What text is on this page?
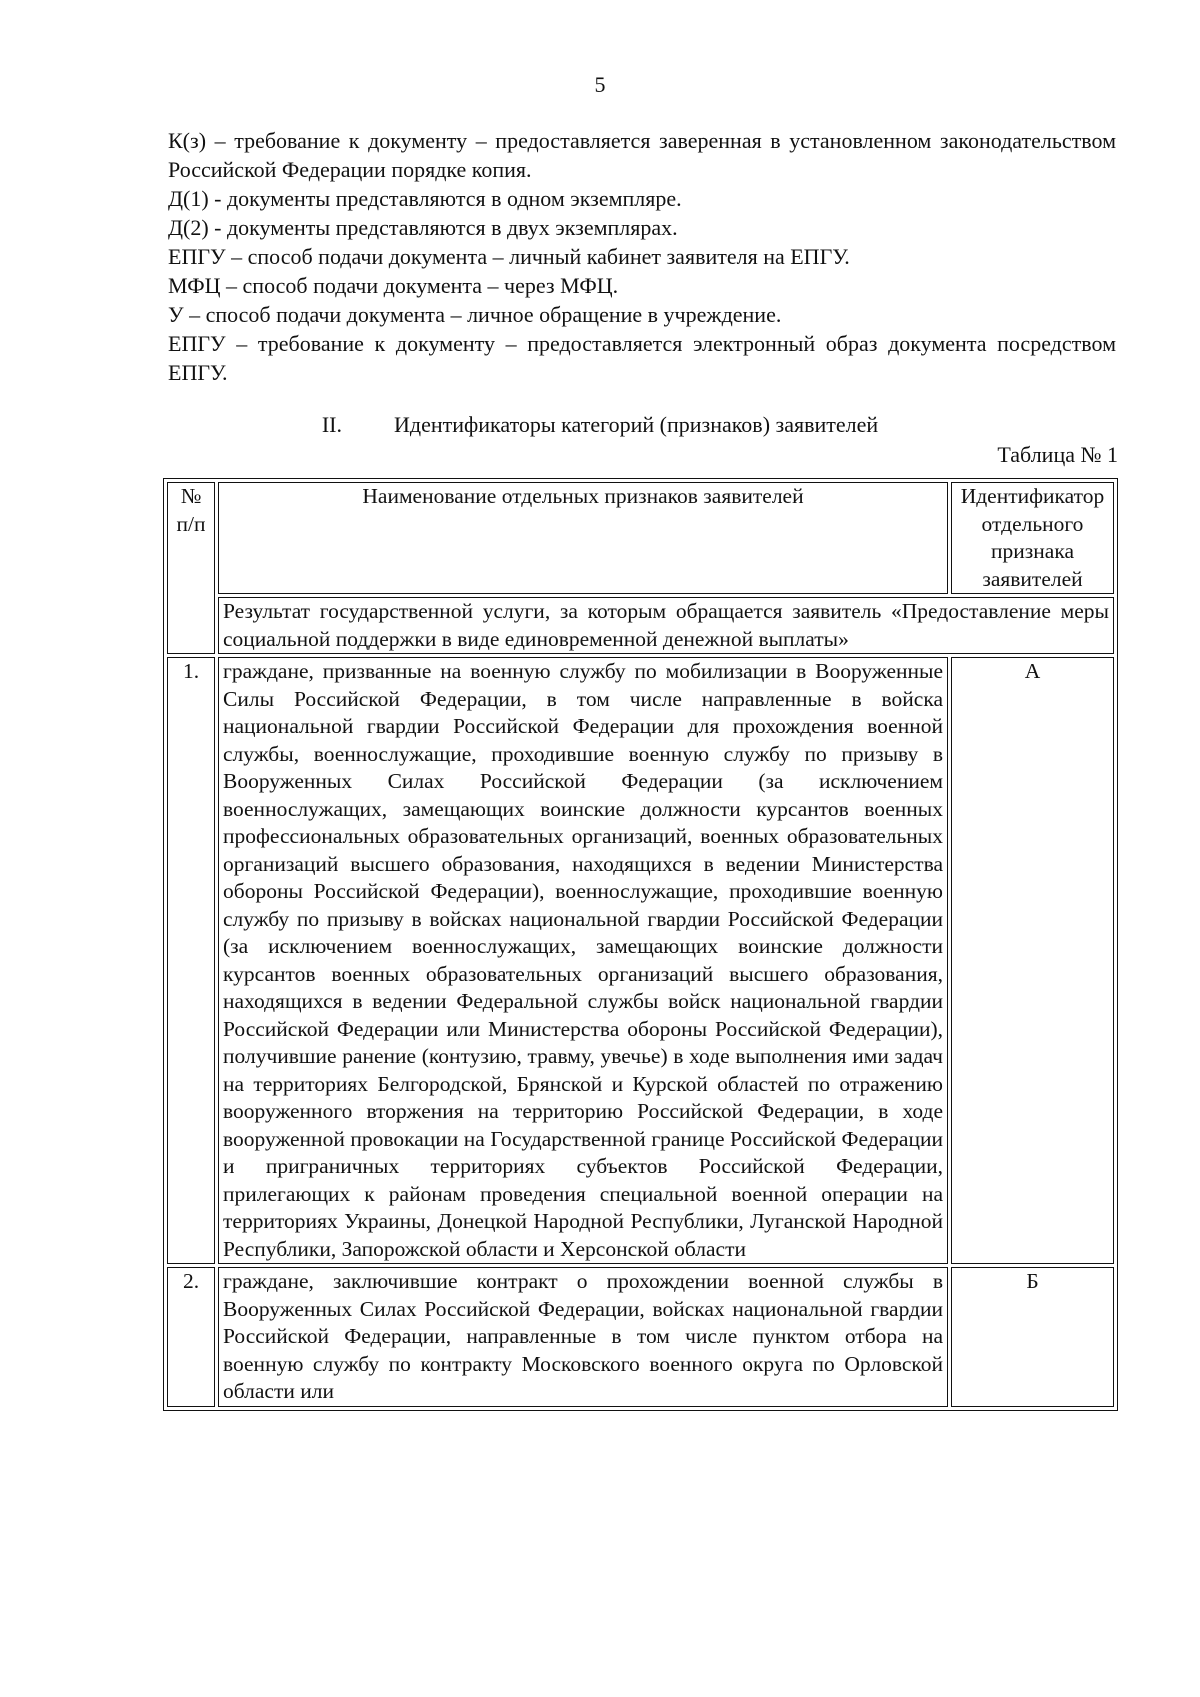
5

К(з) – требование к документу – предоставляется заверенная в установленном законодательством Российской Федерации порядке копия.

Д(1) - документы представляются в одном экземпляре.

Д(2) - документы представляются в двух экземплярах.

ЕПГУ – способ подачи документа – личный кабинет заявителя на ЕПГУ.

МФЦ – способ подачи документа – через МФЦ.

У – способ подачи документа – личное обращение в учреждение.

ЕПГУ – требование к документу – предоставляется электронный образ документа посредством ЕПГУ.

II. Идентификаторы категорий (признаков) заявителей
Таблица № 1
№ п/п	Наименование отдельных признаков заявителей	Идентификатор отдельного признака заявителей
	Результат государственной услуги, за которым обращается заявитель «Предоставление меры социальной поддержки в виде единовременной денежной выплаты»	
1.	граждане, призванные на военную службу по мобилизации в Вооруженные Силы Российской Федерации, в том числе направленные в войска национальной гвардии Российской Федерации для прохождения военной службы, военнослужащие, проходившие военную службу по призыву в Вооруженных Силах Российской Федерации (за исключением военнослужащих, замещающих воинские должности курсантов военных профессиональных образовательных организаций, военных образовательных организаций высшего образования, находящихся в ведении Министерства обороны Российской Федерации), военнослужащие, проходившие военную службу по призыву в войсках национальной гвардии Российской Федерации (за исключением военнослужащих, замещающих воинские должности курсантов военных образовательных организаций высшего образования, находящихся в ведении Федеральной службы войск национальной гвардии Российской Федерации или Министерства обороны Российской Федерации), получившие ранение (контузию, травму, увечье) в ходе выполнения ими задач на территориях Белгородской, Брянской и Курской областей по отражению вооруженного вторжения на территорию Российской Федерации, в ходе вооруженной провокации на Государственной границе Российской Федерации и приграничных территориях субъектов Российской Федерации, прилегающих к районам проведения специальной военной операции на территориях Украины, Донецкой Народной Республики, Луганской Народной Республики, Запорожской области и Херсонской области	А
2.	граждане, заключившие контракт о прохождении военной службы в Вооруженных Силах Российской Федерации, войсках национальной гвардии Российской Федерации, направленные в том числе пунктом отбора на военную службу по контракту Московского военного округа по Орловской области или	Б
